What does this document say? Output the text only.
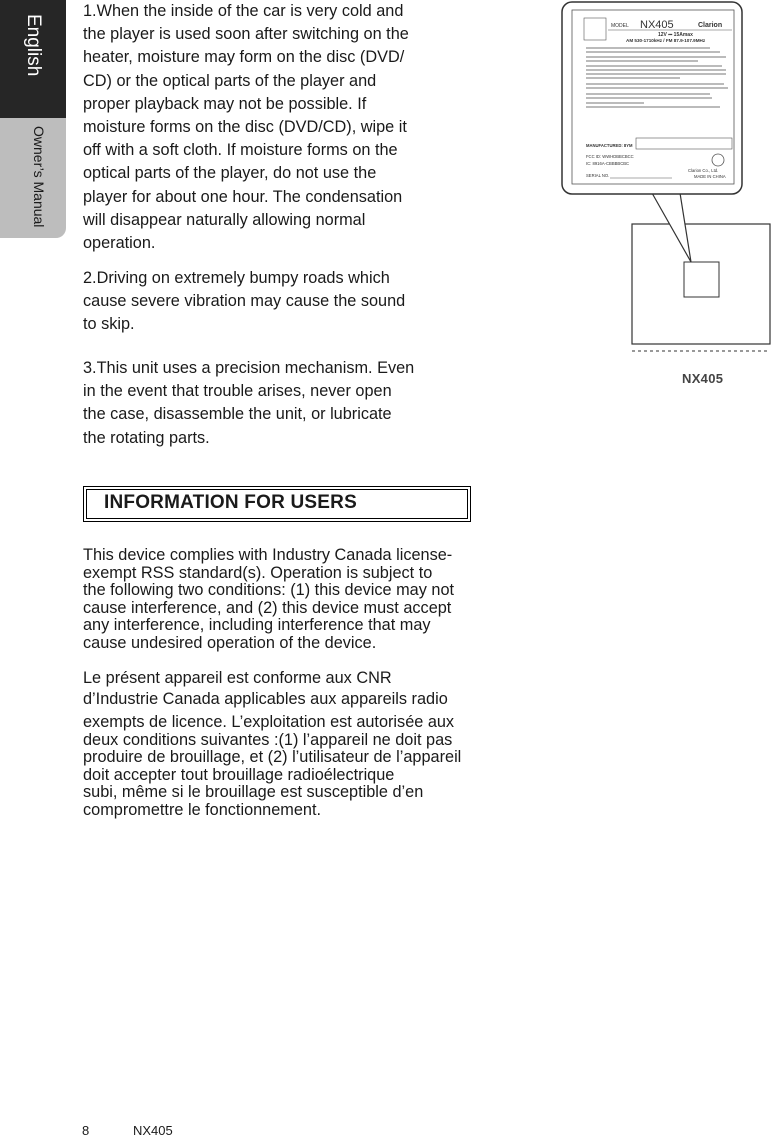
English
Owner’s Manual

1.When the inside of the car is very cold and
the player is used soon after switching on the
heater, moisture may form on the disc (DVD/
CD) or the optical parts of the player and
proper playback may not be possible. If
moisture forms on the disc (DVD/CD), wipe it
off with a soft cloth. If moisture forms on the
optical parts of the player, do not use the
player for about one hour. The condensation
will disappear naturally allowing normal
operation.

2.Driving on extremely bumpy roads which
cause severe vibration may cause the sound
to skip.

3.This unit uses a precision mechanism. Even
in the event that trouble arises, never open
the case, disassemble the unit, or lubricate
the rotating parts.

INFORMATION FOR USERS

This device complies with Industry Canada license-
exempt RSS standard(s). Operation is subject to
the following two conditions: (1) this device may not
cause interference, and (2) this device must accept
any interference, including interference that may
cause undesired operation of the device.

Le présent appareil est conforme aux CNR
d’Industrie Canada applicables aux appareils radio

exempts de licence. L’exploitation est autorisée aux
deux conditions suivantes :(1) l’appareil ne doit pas
produire de brouillage, et (2) l’utilisateur de l’appareil
doit accepter tout brouillage radioélectrique
subi, même si le brouillage est susceptible d’en
compromettre le fonctionnement.

MODEL NX405	Clarion
12V ⎓ 15Amax
AM 530-1710kHz / FM 87.9-107.9MHz
MANUFACTURED: 8YM
FCC ID: WWHDBBCBCC
IC: 8916A-CBBBBCBC
SERIAL NO.
Clarion Co., Ltd.
MADE IN CHINA
NX405
8	NX405
